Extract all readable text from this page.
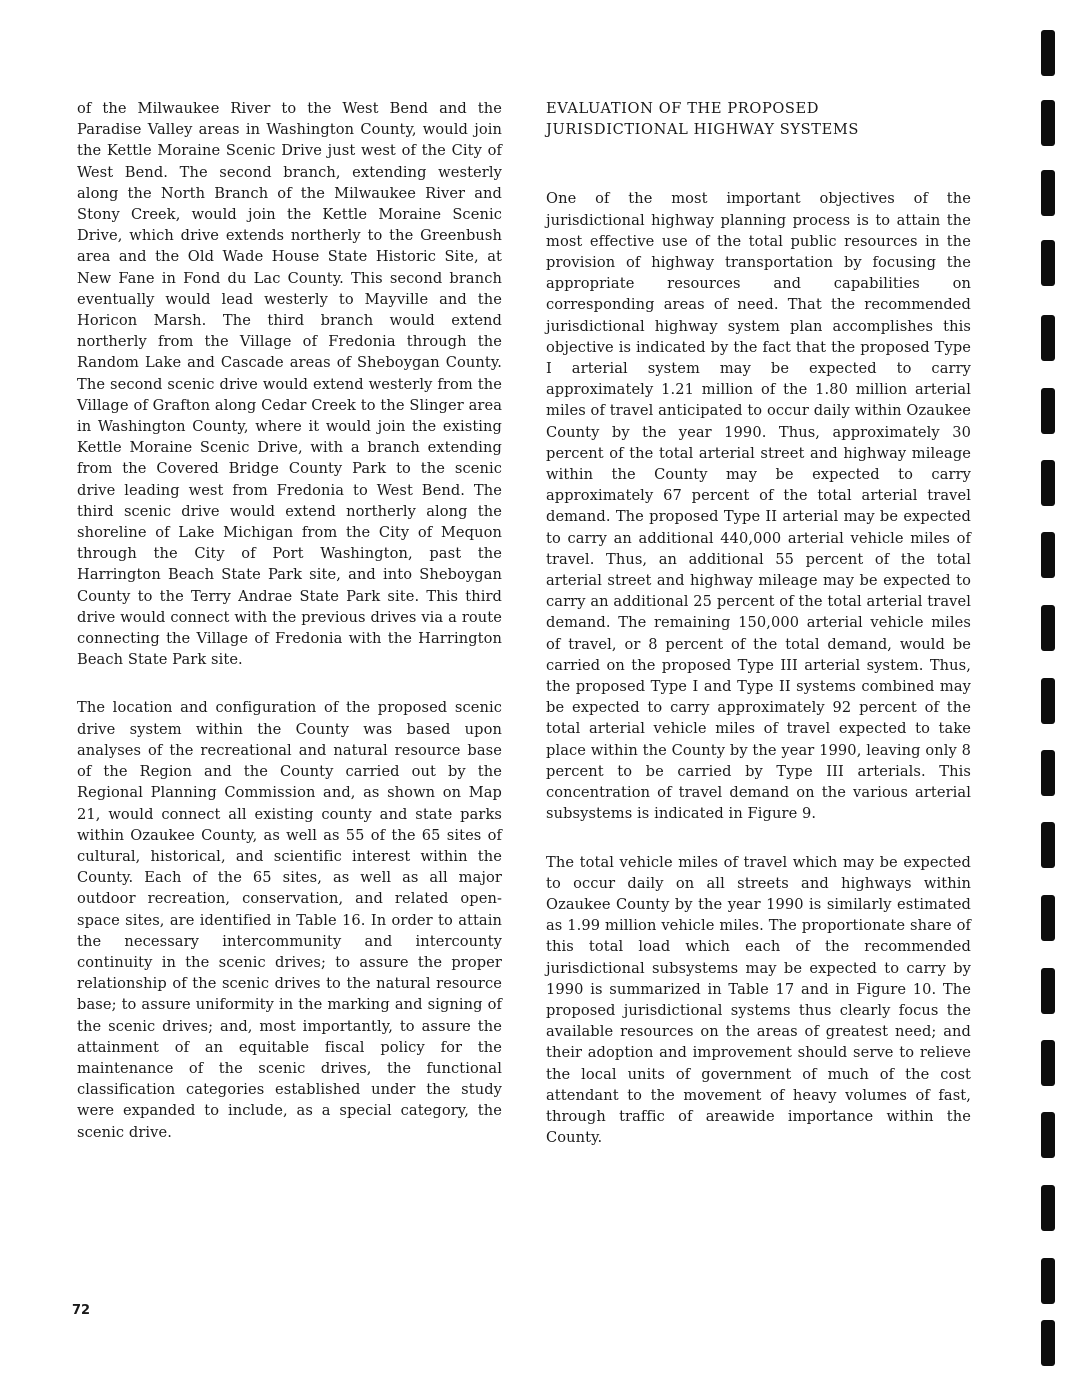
of the Milwaukee River to the West Bend and the Paradise Valley areas in Washington County, would join the Kettle Moraine Scenic Drive just west of the City of West Bend. The second branch, extending westerly along the North Branch of the Milwaukee River and Stony Creek, would join the Kettle Moraine Scenic Drive, which drive extends northerly to the Greenbush area and the Old Wade House State Historic Site, at New Fane in Fond du Lac County. This second branch eventually would lead westerly to Mayville and the Horicon Marsh. The third branch would extend northerly from the Village of Fredonia through the Random Lake and Cascade areas of Sheboygan County. The second scenic drive would extend westerly from the Village of Grafton along Cedar Creek to the Slinger area in Washington County, where it would join the existing Kettle Moraine Scenic Drive, with a branch extending from the Covered Bridge County Park to the scenic drive leading west from Fredonia to West Bend. The third scenic drive would extend northerly along the shoreline of Lake Michigan from the City of Mequon through the City of Port Washington, past the Harrington Beach State Park site, and into Sheboygan County to the Terry Andrae State Park site. This third drive would connect with the previous drives via a route connecting the Village of Fredonia with the Harrington Beach State Park site.

The location and configuration of the proposed scenic drive system within the County was based upon analyses of the recreational and natural resource base of the Region and the County carried out by the Regional Planning Commission and, as shown on Map 21, would connect all existing county and state parks within Ozaukee County, as well as 55 of the 65 sites of cultural, historical, and scientific interest within the County. Each of the 65 sites, as well as all major outdoor recreation, conservation, and related open-space sites, are identified in Table 16. In order to attain the necessary intercommunity and intercounty continuity in the scenic drives; to assure the proper relationship of the scenic drives to the natural resource base; to assure uniformity in the marking and signing of the scenic drives; and, most importantly, to assure the attainment of an equitable fiscal policy for the maintenance of the scenic drives, the functional classification categories established under the study were expanded to include, as a special category, the scenic drive.

EVALUATION OF THE PROPOSED

JURISDICTIONAL HIGHWAY SYSTEMS

One of the most important objectives of the jurisdictional highway planning process is to attain the most effective use of the total public resources in the provision of highway transportation by focusing the appropriate resources and capabilities on corresponding areas of need. That the recommended jurisdictional highway system plan accomplishes this objective is indicated by the fact that the proposed Type I arterial system may be expected to carry approximately 1.21 million of the 1.80 million arterial miles of travel anticipated to occur daily within Ozaukee County by the year 1990. Thus, approximately 30 percent of the total arterial street and highway mileage within the County may be expected to carry approximately 67 percent of the total arterial travel demand. The proposed Type II arterial may be expected to carry an additional 440,000 arterial vehicle miles of travel. Thus, an additional 55 percent of the total arterial street and highway mileage may be expected to carry an additional 25 percent of the total arterial travel demand. The remaining 150,000 arterial vehicle miles of travel, or 8 percent of the total demand, would be carried on the proposed Type III arterial system. Thus, the proposed Type I and Type II systems combined may be expected to carry approximately 92 percent of the total arterial vehicle miles of travel expected to take place within the County by the year 1990, leaving only 8 percent to be carried by Type III arterials. This concentration of travel demand on the various arterial subsystems is indicated in Figure 9.

The total vehicle miles of travel which may be expected to occur daily on all streets and highways within Ozaukee County by the year 1990 is similarly estimated as 1.99 million vehicle miles. The proportionate share of this total load which each of the recommended jurisdictional subsystems may be expected to carry by 1990 is summarized in Table 17 and in Figure 10. The proposed jurisdictional systems thus clearly focus the available resources on the areas of greatest need; and their adoption and improvement should serve to relieve the local units of government of much of the cost attendant to the movement of heavy volumes of fast, through traffic of areawide importance within the County.

72
